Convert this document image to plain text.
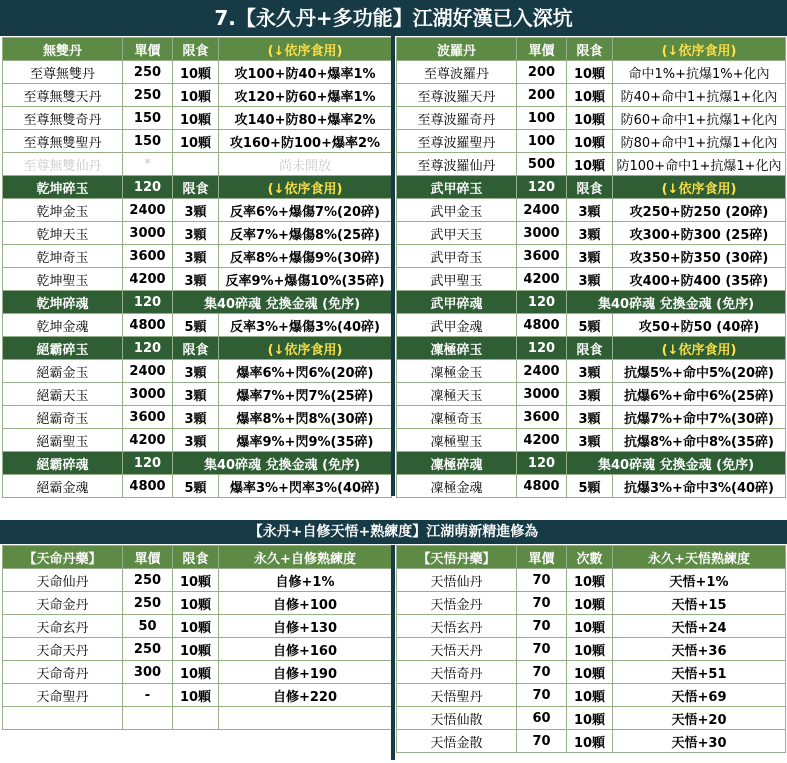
7.【永久丹+多功能】江湖好漢已入深坑
無雙丹	單價	限食	(↓依序食用)
至尊無雙丹	250	10顆	攻100+防40+爆率1%
至尊無雙天丹	250	10顆	攻120+防60+爆率1%
至尊無雙奇丹	150	10顆	攻140+防80+爆率2%
至尊無雙聖丹	150	10顆	攻160+防100+爆率2%
至尊無雙仙丹	*		尚未開放
乾坤碎玉	120	限食	(↓依序食用)
乾坤金玉	2400	3顆	反率6%+爆傷7%(20碎)
乾坤天玉	3000	3顆	反率7%+爆傷8%(25碎)
乾坤奇玉	3600	3顆	反率8%+爆傷9%(30碎)
乾坤聖玉	4200	3顆	反率9%+爆傷10%(35碎)
乾坤碎魂	120	集40碎魂 兌換金魂 (免序)	
乾坤金魂	4800	5顆	反率3%+爆傷3%(40碎)
絕霸碎玉	120	限食	(↓依序食用)
絕霸金玉	2400	3顆	爆率6%+閃6%(20碎)
絕霸天玉	3000	3顆	爆率7%+閃7%(25碎)
絕霸奇玉	3600	3顆	爆率8%+閃8%(30碎)
絕霸聖玉	4200	3顆	爆率9%+閃9%(35碎)
絕霸碎魂	120	集40碎魂 兌換金魂 (免序)	
絕霸金魂	4800	5顆	爆率3%+閃率3%(40碎)
波羅丹	單價	限食	(↓依序食用)
至尊波羅丹	200	10顆	命中1%+抗爆1%+化內
至尊波羅天丹	200	10顆	防40+命中1+抗爆1+化內
至尊波羅奇丹	100	10顆	防60+命中1+抗爆1+化內
至尊波羅聖丹	100	10顆	防80+命中1+抗爆1+化內
至尊波羅仙丹	500	10顆	防100+命中1+抗爆1+化內
武甲碎玉	120	限食	(↓依序食用)
武甲金玉	2400	3顆	攻250+防250 (20碎)
武甲天玉	3000	3顆	攻300+防300 (25碎)
武甲奇玉	3600	3顆	攻350+防350 (30碎)
武甲聖玉	4200	3顆	攻400+防400 (35碎)
武甲碎魂	120	集40碎魂 兌換金魂 (免序)	
武甲金魂	4800	5顆	攻50+防50 (40碎)
凜極碎玉	120	限食	(↓依序食用)
凜極金玉	2400	3顆	抗爆5%+命中5%(20碎)
凜極天玉	3000	3顆	抗爆6%+命中6%(25碎)
凜極奇玉	3600	3顆	抗爆7%+命中7%(30碎)
凜極聖玉	4200	3顆	抗爆8%+命中8%(35碎)
凜極碎魂	120	集40碎魂 兌換金魂 (免序)	
凜極金魂	4800	5顆	抗爆3%+命中3%(40碎)
【永丹+自修天悟+熟練度】江湖萌新精進修為
【天命丹藥】	單價	限食	永久+自修熟練度
天命仙丹	250	10顆	自修+1%
天命金丹	250	10顆	自修+100
天命玄丹	50	10顆	自修+130
天命天丹	250	10顆	自修+160
天命奇丹	300	10顆	自修+190
天命聖丹	-	10顆	自修+220

【天悟丹藥】	單價	次數	永久+天悟熟練度
天悟仙丹	70	10顆	天悟+1%
天悟金丹	70	10顆	天悟+15
天悟玄丹	70	10顆	天悟+24
天悟天丹	70	10顆	天悟+36
天悟奇丹	70	10顆	天悟+51
天悟聖丹	70	10顆	天悟+69
天悟仙散	60	10顆	天悟+20
天悟金散	70	10顆	天悟+30
